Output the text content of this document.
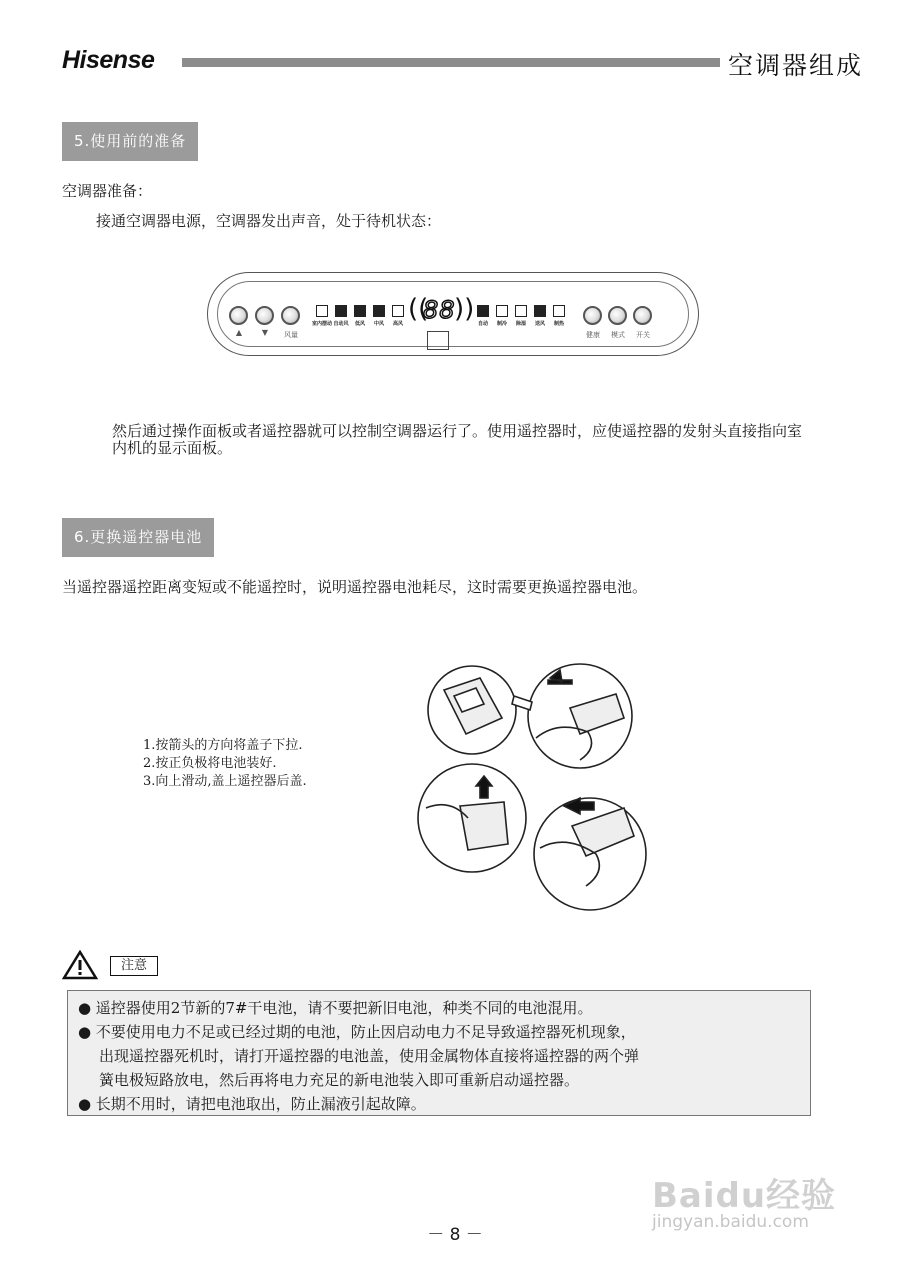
Hisense	空调器组成
5.使用前的准备
空调器准备：
接通空调器电源，空调器发出声音，处于待机状态：
▲	▼	风量
室内摆动 自动风	低风	中风	高风 ((
88
)) 自动	制冷	除湿	送风	制热
健康	模式	开关
然后通过操作面板或者遥控器就可以控制空调器运行了。使用遥控器时，应使遥控器的发射头直接指向室内机的显示面板。
6.更换遥控器电池
当遥控器遥控距离变短或不能遥控时，说明遥控器电池耗尽，这时需要更换遥控器电池。
1.按箭头的方向将盖子下拉.
2.按正负极将电池装好.
3.向上滑动,盖上遥控器后盖.
注意
● 遥控器使用2节新的7#干电池，请不要把新旧电池，种类不同的电池混用。
● 不要使用电力不足或已经过期的电池，防止因启动电力不足导致遥控器死机现象，
出现遥控器死机时，请打开遥控器的电池盖，使用金属物体直接将遥控器的两个弹
簧电极短路放电，然后再将电力充足的新电池装入即可重新启动遥控器。
● 长期不用时，请把电池取出，防止漏液引起故障。
－ 8 －
Baidu经验
jingyan.baidu.com
